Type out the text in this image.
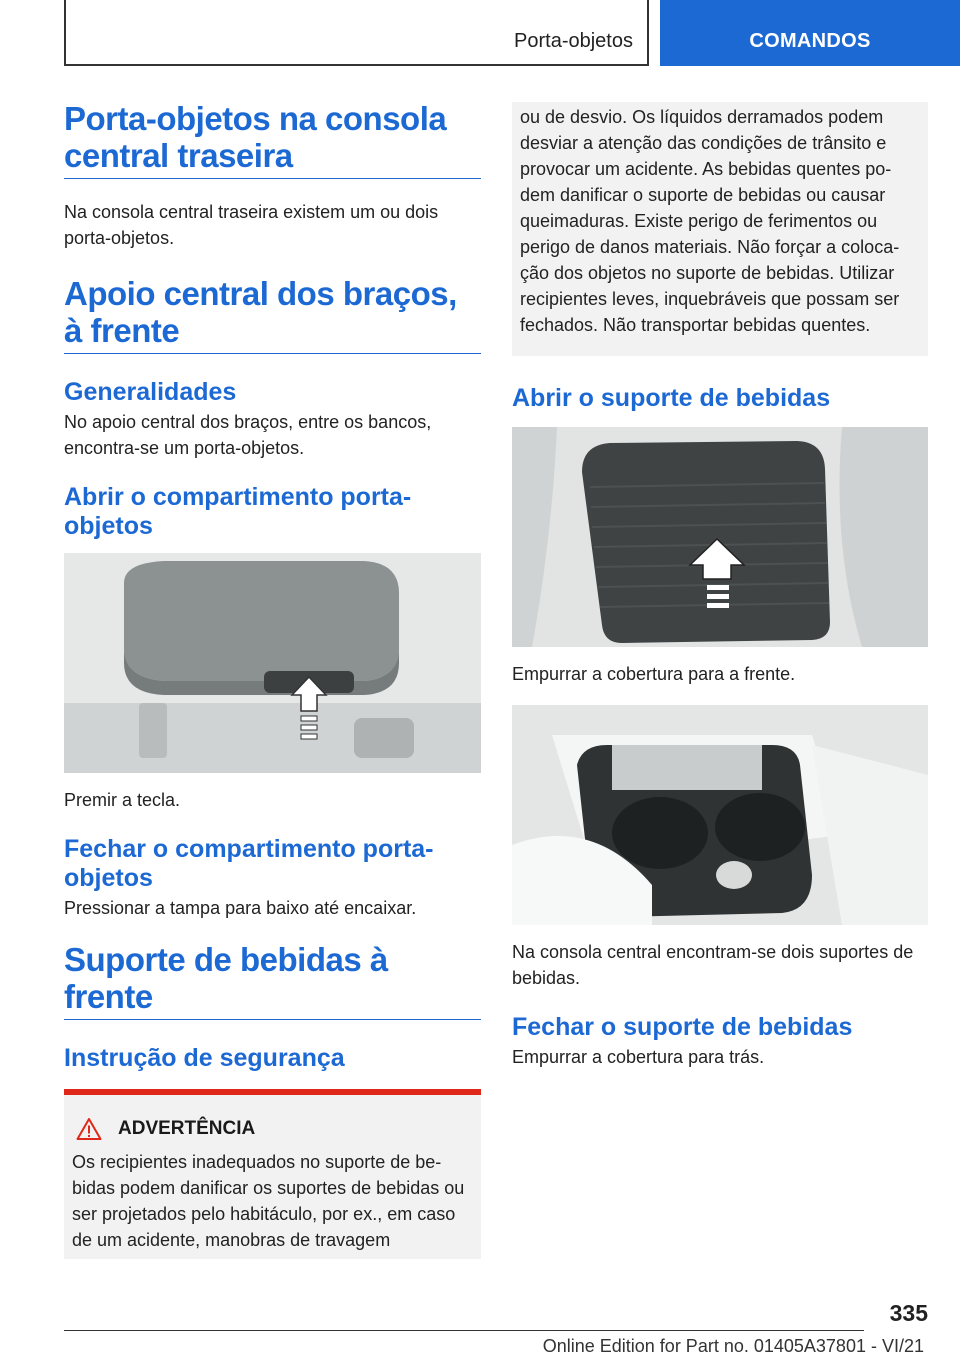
Porta-objetos	COMANDOS
Porta-objetos na consola central traseira
Na consola central traseira existem um ou dois porta-objetos.
Apoio central dos braços, à frente
Generalidades
No apoio central dos braços, entre os bancos, encontra-se um porta-objetos.
Abrir o compartimento porta-objetos
Premir a tecla.
Fechar o compartimento porta-objetos
Pressionar a tampa para baixo até encaixar.
Suporte de bebidas à frente
Instrução de segurança
ADVERTÊNCIA
Os recipientes inadequados no suporte de bebidas podem danificar os suportes de bebidas ou ser projetados pelo habitáculo, por ex., em caso de um acidente, manobras de travagem
ou de desvio. Os líquidos derramados podem desviar a atenção das condições de trânsito e provocar um acidente. As bebidas quentes podem danificar o suporte de bebidas ou causar queimaduras. Existe perigo de ferimentos ou perigo de danos materiais. Não forçar a colocação dos objetos no suporte de bebidas. Utilizar recipientes leves, inquebráveis que possam ser fechados. Não transportar bebidas quentes.
Abrir o suporte de bebidas
Empurrar a cobertura para a frente.
Na consola central encontram-se dois suportes de bebidas.
Fechar o suporte de bebidas
Empurrar a cobertura para trás.
335
Online Edition for Part no. 01405A37801 - VI/21
